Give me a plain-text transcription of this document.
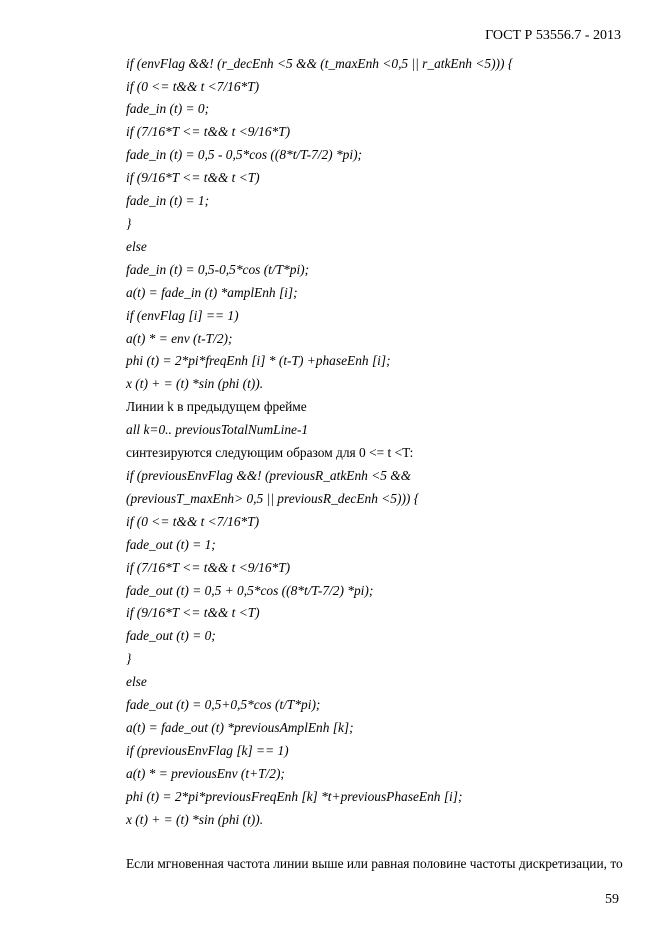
ГОСТ Р 53556.7 - 2013
if (envFlag &&! (r_decEnh <5 && (t_maxEnh <0,5 || r_atkEnh <5))) {
if (0 <= t&& t <7/16*T)
fade_in (t) = 0;
if (7/16*T <= t&& t <9/16*T)
fade_in (t) = 0,5 - 0,5*cos ((8*t/T-7/2) *pi);
if (9/16*T <= t&& t <T)
fade_in (t) = 1;
}
else
fade_in (t) = 0,5-0,5*cos (t/T*pi);
a(t) = fade_in (t) *amplEnh [i];
if (envFlag [i] == 1)
a(t) * = env (t-T/2);
phi (t) = 2*pi*freqEnh [i] * (t-T) +phaseEnh [i];
x (t) + = (t) *sin (phi (t)).
Линии k в предыдущем фрейме
all k=0.. previousTotalNumLine-1
синтезируются следующим образом для 0 <= t <T:
if (previousEnvFlag &&! (previousR_atkEnh <5 &&
(previousT_maxEnh> 0,5 || previousR_decEnh <5))) {
if (0 <= t&& t <7/16*T)
fade_out (t) = 1;
if (7/16*T <= t&& t <9/16*T)
fade_out (t) = 0,5 + 0,5*cos ((8*t/T-7/2) *pi);
if (9/16*T <= t&& t <T)
fade_out (t) = 0;
}
else
fade_out (t) = 0,5+0,5*cos (t/T*pi);
a(t) = fade_out (t) *previousAmplEnh [k];
if (previousEnvFlag [k] == 1)
a(t) * = previousEnv (t+T/2);
phi (t) = 2*pi*previousFreqEnh [k] *t+previousPhaseEnh [i];
x (t) + = (t) *sin (phi (t)).
Если мгновенная частота линии выше или равная половине частоты дискретизации, то
59
